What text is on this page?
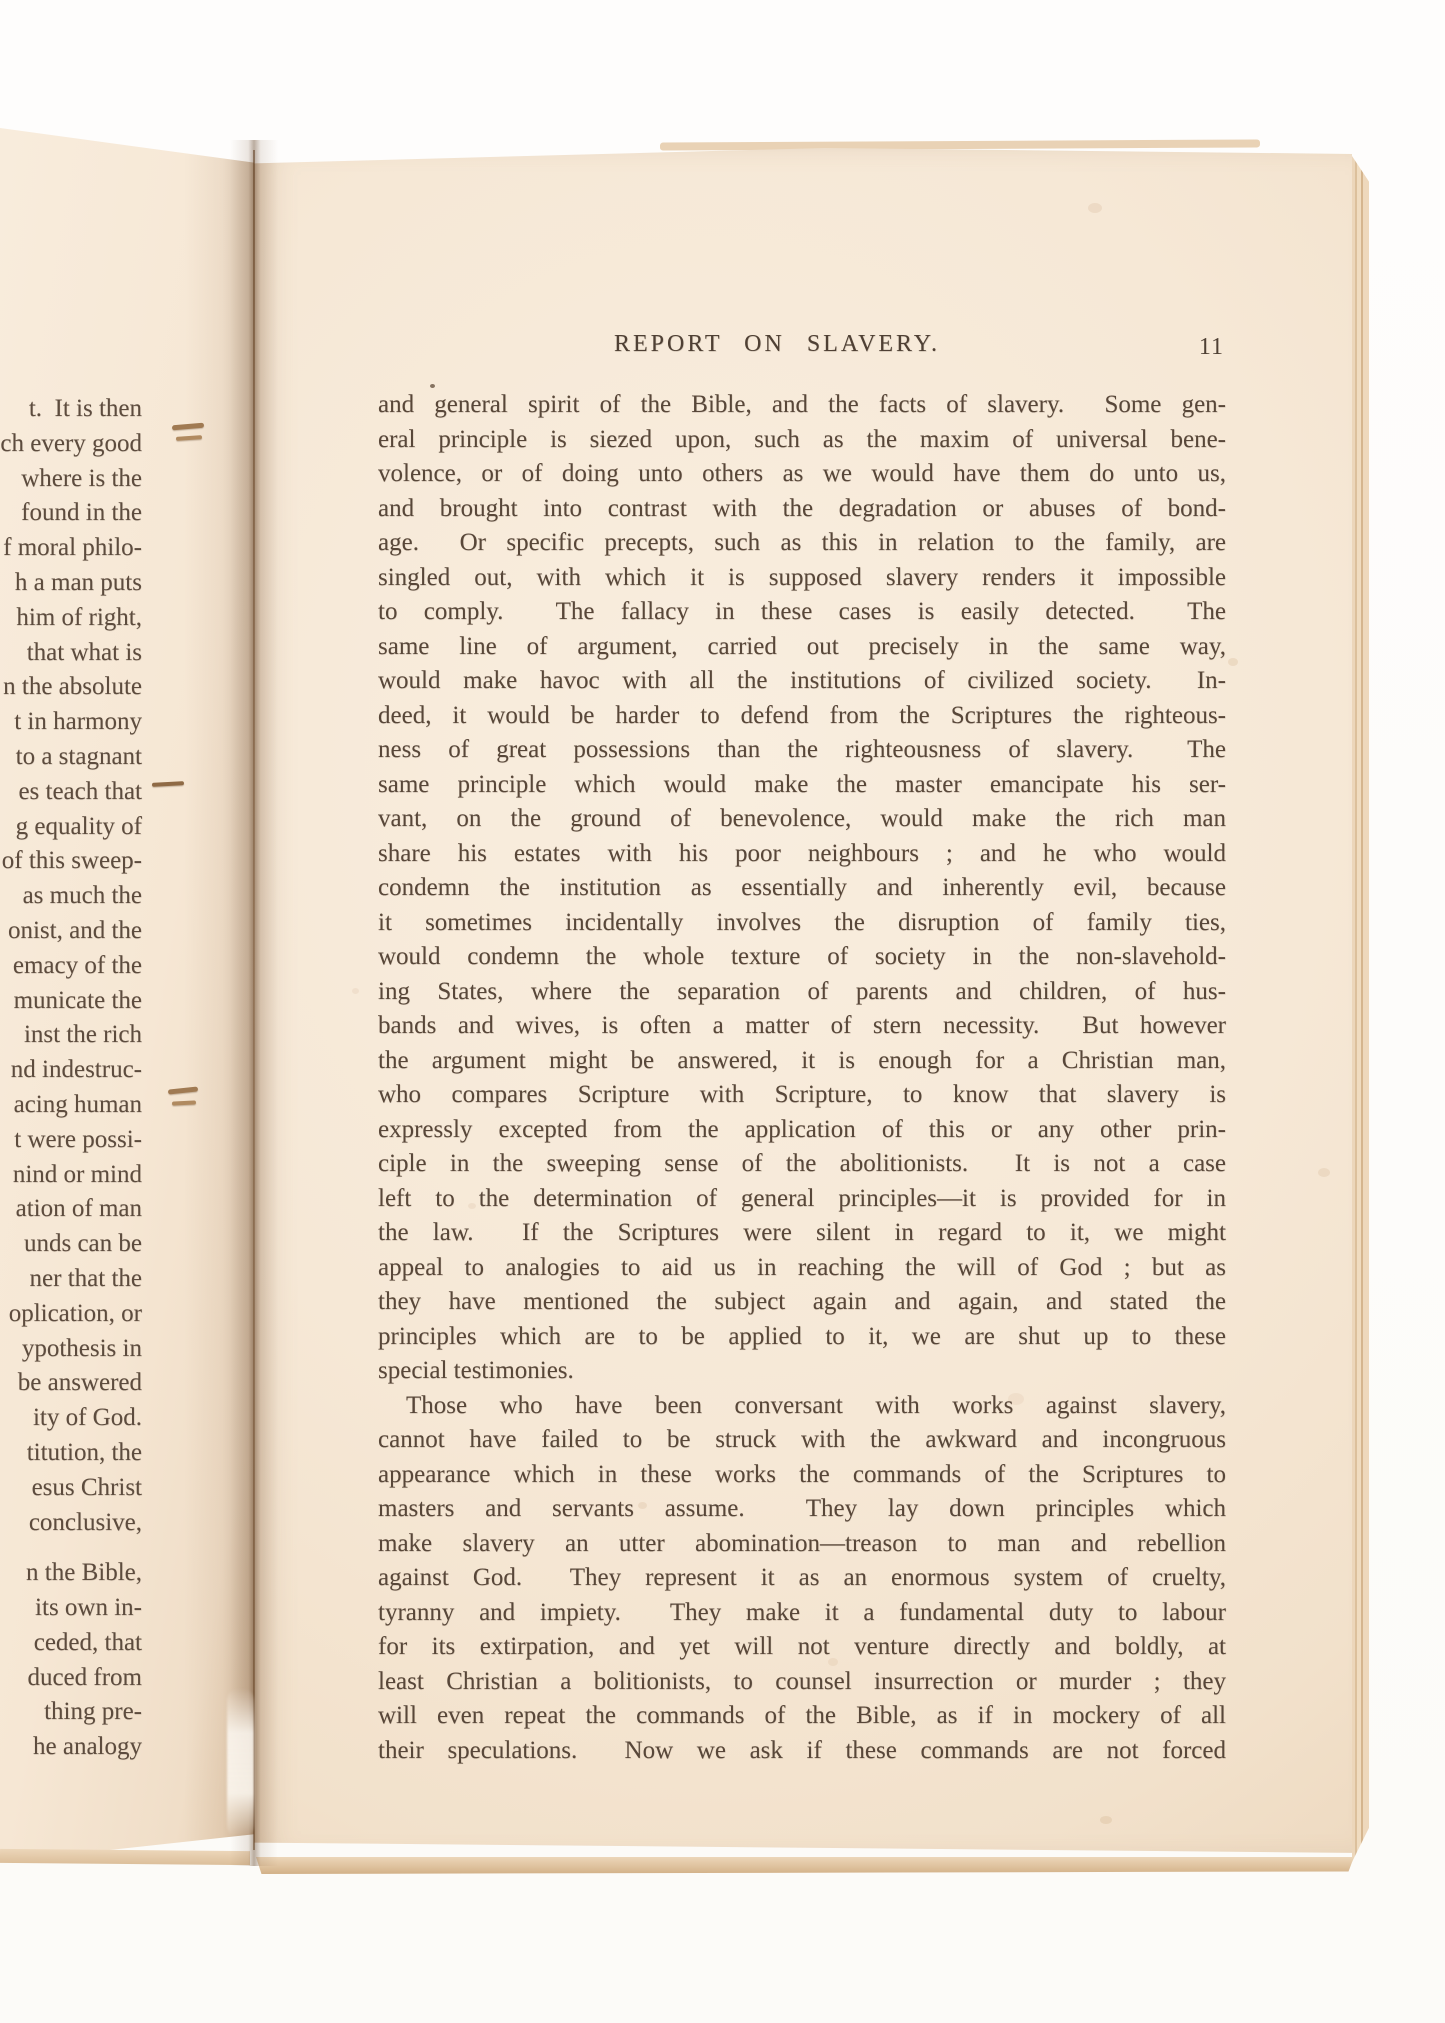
REPORT ON SLAVERY.	11
and general spirit of the Bible, and the facts of slavery.  Some gen-
eral principle is siezed upon, such as the maxim of universal bene-
volence, or of doing unto others as we would have them do unto us,
and brought into contrast with the degradation or abuses of bond-
age.  Or specific precepts, such as this in relation to the family, are
singled out, with which it is supposed slavery renders it impossible
to comply.  The fallacy in these cases is easily detected.  The
same line of argument, carried out precisely in the same way,
would make havoc with all the institutions of civilized society.  In-
deed, it would be harder to defend from the Scriptures the righteous-
ness of great possessions than the righteousness of slavery.  The
same principle which would make the master emancipate his ser-
vant, on the ground of benevolence, would make the rich man
share his estates with his poor neighbours ; and he who would
condemn the institution as essentially and inherently evil, because
it sometimes incidentally involves the disruption of family ties,
would condemn the whole texture of society in the non-slavehold-
ing States, where the separation of parents and children, of hus-
bands and wives, is often a matter of stern necessity.  But however
the argument might be answered, it is enough for a Christian man,
who compares Scripture with Scripture, to know that slavery is
expressly excepted from the application of this or any other prin-
ciple in the sweeping sense of the abolitionists.  It is not a case
left to the determination of general principles—it is provided for in
the law.  If the Scriptures were silent in regard to it, we might
appeal to analogies to aid us in reaching the will of God ; but as
they have mentioned the subject again and again, and stated the
principles which are to be applied to it, we are shut up to these
special testimonies.
Those who have been conversant with works against slavery,
cannot have failed to be struck with the awkward and incongruous
appearance which in these works the commands of the Scriptures to
masters and servants assume.  They lay down principles which
make slavery an utter abomination—treason to man and rebellion
against God.  They represent it as an enormous system of cruelty,
tyranny and impiety.  They make it a fundamental duty to labour
for its extirpation, and yet will not venture directly and boldly, at
least Christian a bolitionists, to counsel insurrection or murder ; they
will even repeat the commands of the Bible, as if in mockery of all
their speculations.  Now we ask if these commands are not forced
t.  It is then
ch every good
where is the
found in the
f moral philo-
h a man puts
him of right,
that what is
n the absolute
t in harmony
to a stagnant
es teach that
g equality of
of this sweep-
as much the
onist, and the
emacy of the
municate the
inst the rich
nd indestruc-
acing human
t were possi-
nind or mind
ation of man
unds can be
ner that the
oplication, or
ypothesis in
be answered
ity of God.
titution, the
esus Christ
conclusive,
n the Bible,
its own in-
ceded, that
duced from
thing pre-
he analogy
